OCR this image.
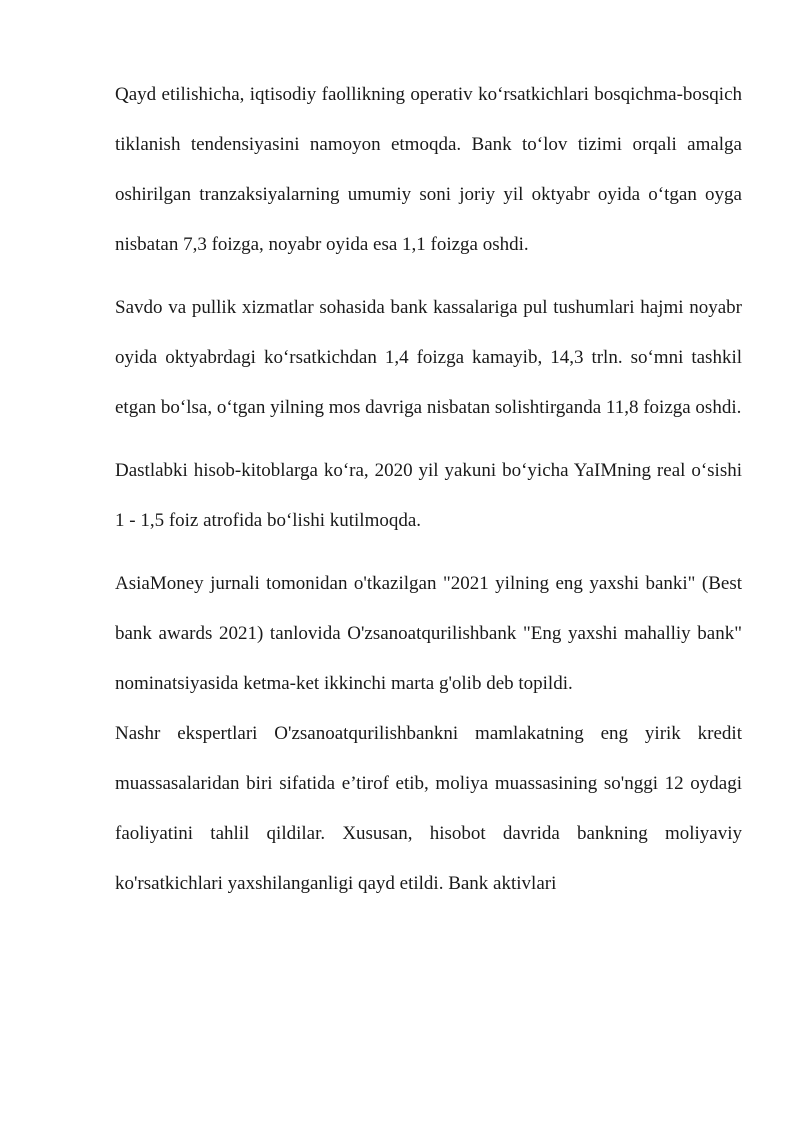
Qayd etilishicha, iqtisodiy faollikning operativ koʻrsatkichlari bosqichma-bosqich tiklanish tendensiyasini namoyon etmoqda. Bank toʻlov tizimi orqali amalga oshirilgan tranzaksiyalarning umumiy soni joriy yil oktyabr oyida oʻtgan oyga nisbatan 7,3 foizga, noyabr oyida esa 1,1 foizga oshdi.

Savdo va pullik xizmatlar sohasida bank kassalariga pul tushumlari hajmi noyabr oyida oktyabrdagi koʻrsatkichdan 1,4 foizga kamayib, 14,3 trln. soʻmni tashkil etgan boʻlsa, oʻtgan yilning mos davriga nisbatan solishtirganda 11,8 foizga oshdi.

Dastlabki hisob-kitoblarga koʻra, 2020 yil yakuni boʻyicha YaIMning real oʻsishi 1 - 1,5 foiz atrofida boʻlishi kutilmoqda.

AsiaMoney jurnali tomonidan o'tkazilgan "2021 yilning eng yaxshi banki" (Best bank awards 2021) tanlovida O'zsanoatqurilishbank "Eng yaxshi mahalliy bank" nominatsiyasida ketma-ket ikkinchi marta g'olib deb topildi.

Nashr ekspertlari O'zsanoatqurilishbankni mamlakatning eng yirik kredit muassasalaridan biri sifatida e’tirof etib, moliya muassasining so'nggi 12 oydagi faoliyatini tahlil qildilar. Xususan, hisobot davrida bankning moliyaviy ko'rsatkichlari yaxshilanganligi qayd etildi. Bank aktivlari
